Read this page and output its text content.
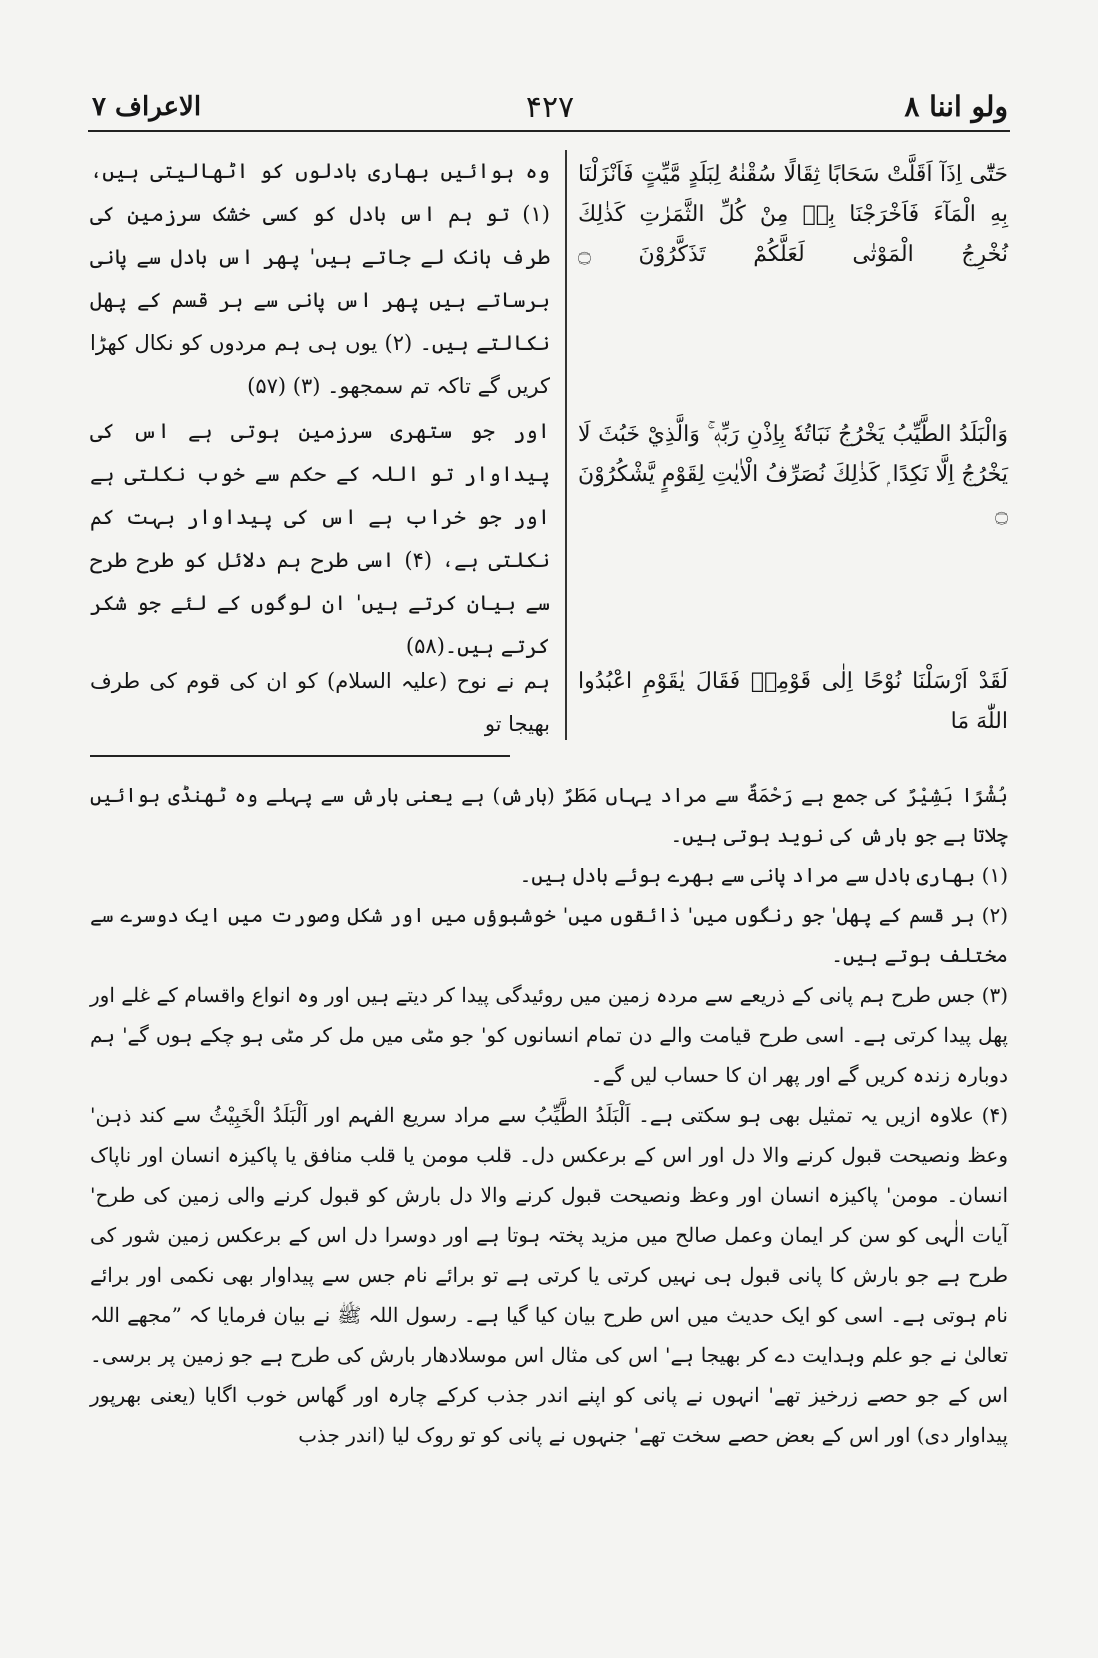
ولو اننا ٨
۴۲۷
الاعراف ٧

حَتّٰٓى اِذَآ اَقَلَّتْ سَحَابًا ثِقَالًا سُقْنٰهُ لِبَلَدٍ مَّيِّتٍ فَاَنْزَلْنَا بِهِ الْمَآءَ فَاَخْرَجْنَا بِهٖ مِنْ كُلِّ الثَّمَرٰتِ كَذٰلِكَ نُخْرِجُ الْمَوْتٰى لَعَلَّكُمْ تَذَكَّرُوْنَ ۝

وہ ہوائیں بھاری بادلوں کو اٹھالیتی ہیں، (۱) تو ہم اس بادل کو کسی خشک سرزمین کی طرف ہانک لے جاتے ہیں' پھر اس بادل سے پانی برساتے ہیں پھر اس پانی سے ہر قسم کے پھل نکالتے ہیں۔ (۲) یوں ہی ہم مردوں کو نکال کھڑا کریں گے تاکہ تم سمجھو۔ (۳) (۵۷)

وَالْبَلَدُ الطَّيِّبُ يَخْرُجُ نَبَاتُهٗ بِاِذْنِ رَبِّهٖ ۚ وَالَّذِيْ خَبُثَ لَا يَخْرُجُ اِلَّا نَكِدًا ۭ كَذٰلِكَ نُصَرِّفُ الْاٰيٰتِ لِقَوْمٍ يَّشْكُرُوْنَ ۝

اور جو ستھری سرزمین ہوتی ہے اس کی پیداوار تو اللہ کے حکم سے خوب نکلتی ہے اور جو خراب ہے اس کی پیداوار بہت کم نکلتی ہے، (۴) اسی طرح ہم دلائل کو طرح طرح سے بیان کرتے ہیں' ان لوگوں کے لئے جو شکر کرتے ہیں۔(۵۸)

لَقَدْ اَرْسَلْنَا نُوْحًا اِلٰى قَوْمِهٖ فَقَالَ يٰقَوْمِ اعْبُدُوا اللّٰهَ مَا

ہم نے نوح (علیہ السلام) کو ان کی قوم کی طرف بھیجا تو

بُشْرًا بَشِيْرٌ کی جمع ہے رَحْمَةٌ سے مراد یہاں مَطَرٌ (بارش) ہے یعنی بارش سے پہلے وہ ٹھنڈی ہوائیں چلاتا ہے جو بارش کی نوید ہوتی ہیں۔

(۱) بھاری بادل سے مراد پانی سے بھرے ہوئے بادل ہیں۔

(۲) ہر قسم کے پھل' جو رنگوں میں' ذائقوں میں' خوشبوؤں میں اور شکل وصورت میں ایک دوسرے سے مختلف ہوتے ہیں۔

(۳) جس طرح ہم پانی کے ذریعے سے مردہ زمین میں روئیدگی پیدا کر دیتے ہیں اور وہ انواع واقسام کے غلے اور پھل پیدا کرتی ہے۔ اسی طرح قیامت والے دن تمام انسانوں کو' جو مٹی میں مل کر مٹی ہو چکے ہوں گے' ہم دوبارہ زندہ کریں گے اور پھر ان کا حساب لیں گے۔

(۴) علاوہ ازیں یہ تمثیل بھی ہو سکتی ہے۔ اَلْبَلَدُ الطَّيِّبُ سے مراد سریع الفہم اور اَلْبَلَدُ الْخَبِيْثُ سے کند ذہن' وعظ ونصیحت قبول کرنے والا دل اور اس کے برعکس دل۔ قلب مومن یا قلب منافق یا پاکیزہ انسان اور ناپاک انسان۔ مومن' پاکیزہ انسان اور وعظ ونصیحت قبول کرنے والا دل بارش کو قبول کرنے والی زمین کی طرح' آیات الٰہی کو سن کر ایمان وعمل صالح میں مزید پختہ ہوتا ہے اور دوسرا دل اس کے برعکس زمین شور کی طرح ہے جو بارش کا پانی قبول ہی نہیں کرتی یا کرتی ہے تو برائے نام جس سے پیداوار بھی نکمی اور برائے نام ہوتی ہے۔ اسی کو ایک حدیث میں اس طرح بیان کیا گیا ہے۔ رسول اللہ ﷺ نے بیان فرمایا کہ ”مجھے اللہ تعالیٰ نے جو علم وہدایت دے کر بھیجا ہے' اس کی مثال اس موسلادھار بارش کی طرح ہے جو زمین پر برسی۔ اس کے جو حصے زرخیز تھے' انہوں نے پانی کو اپنے اندر جذب کرکے چارہ اور گھاس خوب اگایا (یعنی بھرپور پیداوار دی) اور اس کے بعض حصے سخت تھے' جنہوں نے پانی کو تو روک لیا (اندر جذب
